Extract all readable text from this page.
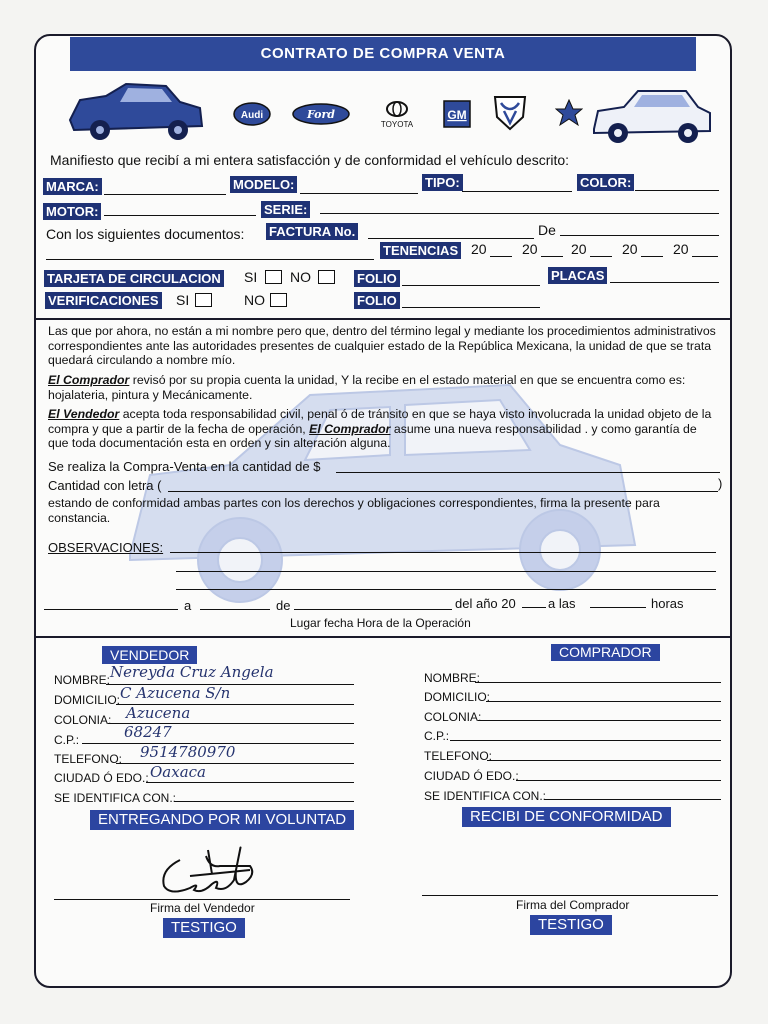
CONTRATO DE COMPRA VENTA
Audi	Ford
TOYOTA
GM
Manifiesto que recibí a mi entera satisfacción y de conformidad el vehículo descrito:
MARCA:	MODELO:	TIPO:	COLOR:
MOTOR:	SERIE:
Con los siguientes documentos: FACTURA No.	De
TENENCIAS 20	20 20	20	20
TARJETA DE CIRCULACION SI NO	FOLIO	PLACAS
VERIFICACIONES SI	NO	FOLIO
Las que por ahora, no están a mi nombre pero que, dentro del término legal y mediante los procedimientos administrativos correspondientes ante las autoridades presentes de cualquier estado de la República Mexicana, la unidad de que se trata quedará circulando a nombre mío.
El Comprador revisó por su propia cuenta la unidad, Y la recibe en el estado material en que se encuentra como es: hojalateria, pintura y Mecánicamente.
El Vendedor acepta toda responsabilidad civil, penal ó de tránsito en que se haya visto involucrada la unidad objeto de la compra y que a partir de la fecha de operación, El Comprador asume una nueva responsabilidad . y como garantía de que toda documentación esta en orden y sin alteración alguna.
Se realiza la Compra-Venta en la cantidad de $
Cantidad con letra (	)
estando de conformidad ambas partes con los derechos y obligaciones correspondientes, firma la presente para constancia.
OBSERVACIONES:
a	de	del año 20 a las	horas
Lugar fecha Hora de la Operación
VENDEDOR
NOMBRE: Nereyda Cruz Angela
DOMICILIO: C Azucena S/n
COLONIA: Azucena
C.P.:	68247
TELEFONO: 9514780970
CIUDAD Ó EDO.: Oaxaca
SE IDENTIFICA CON.:
ENTREGANDO POR MI VOLUNTAD
Firma del Vendedor
TESTIGO
COMPRADOR
NOMBRE:
DOMICILIO:
COLONIA:
C.P.:
TELEFONO:
CIUDAD Ó EDO.:
SE IDENTIFICA CON.:
RECIBI DE CONFORMIDAD
Firma del Comprador
TESTIGO
